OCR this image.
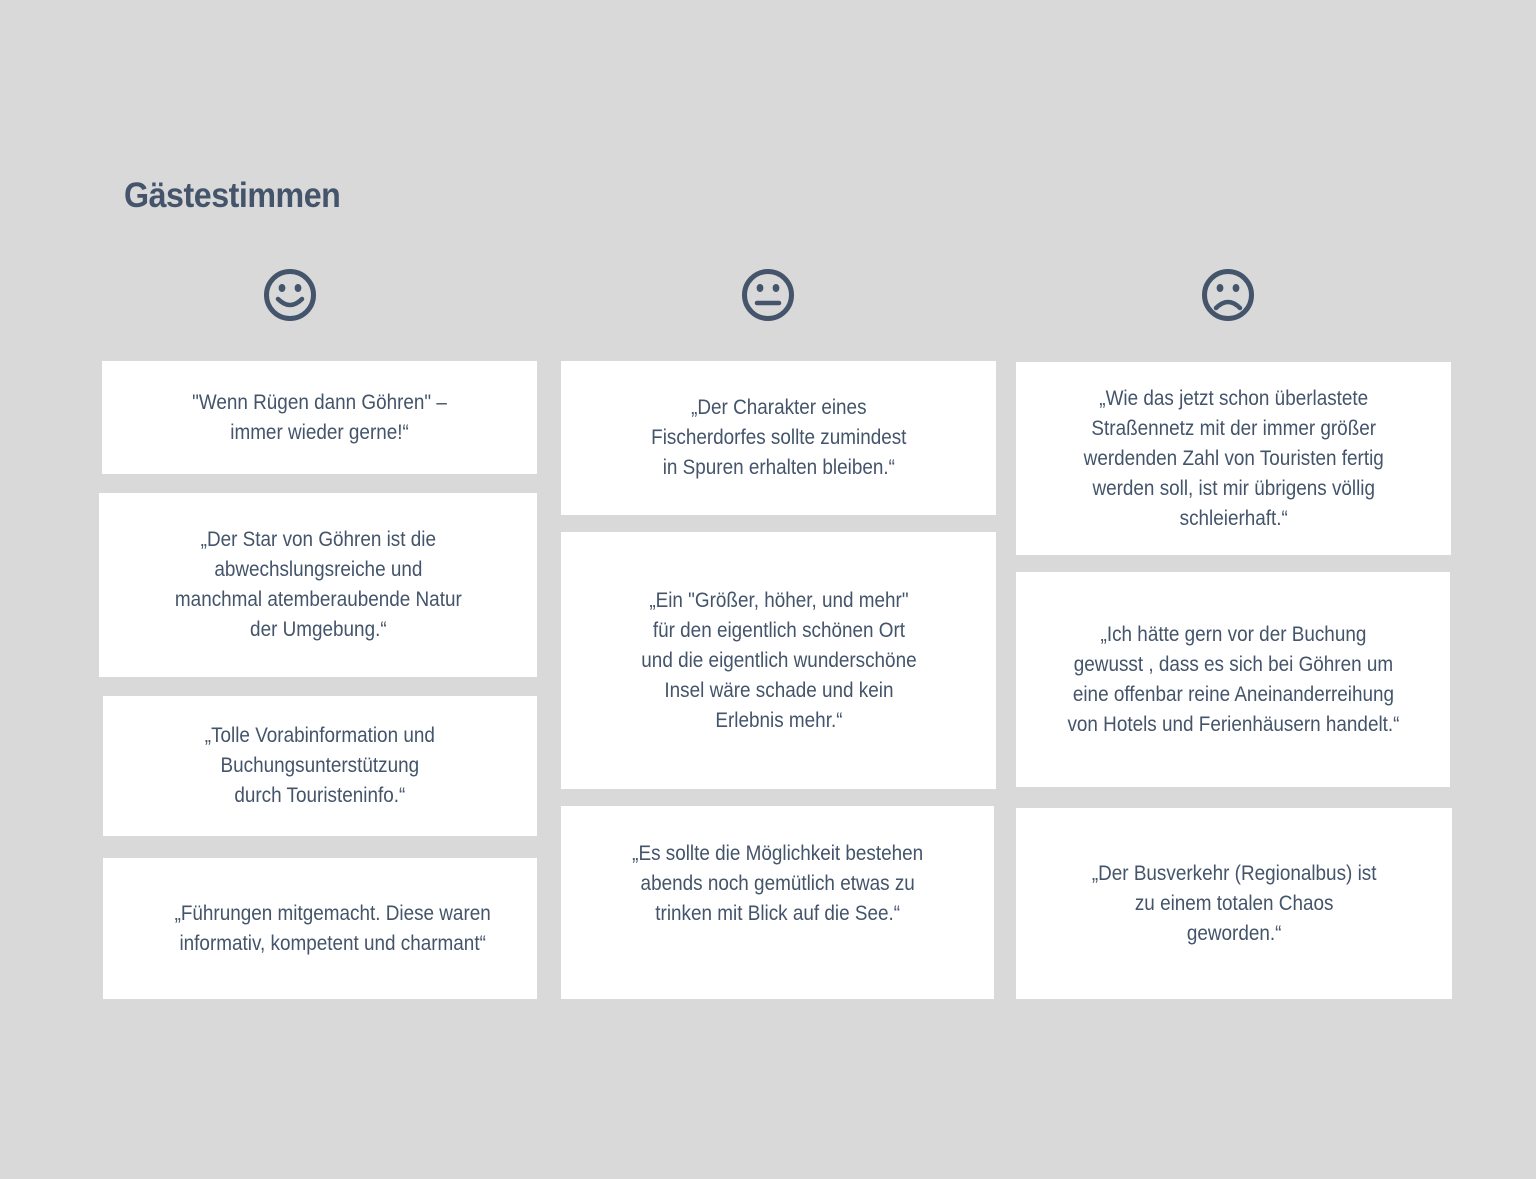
Gästestimmen
"Wenn Rügen dann Göhren" –
immer wieder gerne!“
„Der Star von Göhren ist die
abwechslungsreiche und
manchmal atemberaubende Natur
der Umgebung.“
„Tolle Vorabinformation und
Buchungsunterstützung
durch Touristeninfo.“
„Führungen mitgemacht. Diese waren
informativ, kompetent und charmant“
„Der Charakter eines
Fischerdorfes sollte zumindest
in Spuren erhalten bleiben.“
„Ein "Größer, höher, und mehr"
für den eigentlich schönen Ort
und die eigentlich wunderschöne
Insel wäre schade und kein
Erlebnis mehr.“
„Es sollte die Möglichkeit bestehen
abends noch gemütlich etwas zu
trinken mit Blick auf die See.“
„Wie das jetzt schon überlastete
Straßennetz mit der immer größer
werdenden Zahl von Touristen fertig
werden soll, ist mir übrigens völlig
schleierhaft.“
„Ich hätte gern vor der Buchung
gewusst , dass es sich bei Göhren um
eine offenbar reine Aneinanderreihung
von Hotels und Ferienhäusern handelt.“
„Der Busverkehr (Regionalbus) ist
zu einem totalen Chaos
geworden.“
